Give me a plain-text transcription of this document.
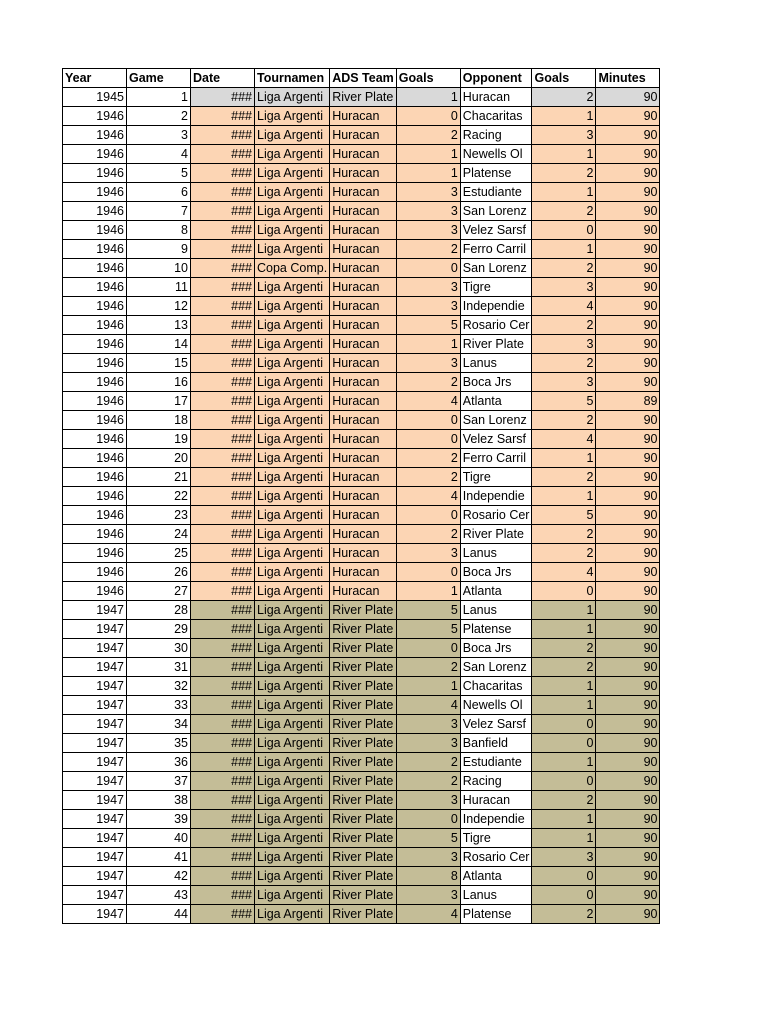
Year	Game	Date	Tournamen	ADS Team	Goals	Opponent	Goals	Minutes
1945	1	###	Liga Argenti	River Plate	1	Huracan	2	90
1946	2	###	Liga Argenti	Huracan	0	Chacaritas	1	90
1946	3	###	Liga Argenti	Huracan	2	Racing	3	90
1946	4	###	Liga Argenti	Huracan	1	Newells Ol	1	90
1946	5	###	Liga Argenti	Huracan	1	Platense	2	90
1946	6	###	Liga Argenti	Huracan	3	Estudiante	1	90
1946	7	###	Liga Argenti	Huracan	3	San Lorenz	2	90
1946	8	###	Liga Argenti	Huracan	3	Velez Sarsf	0	90
1946	9	###	Liga Argenti	Huracan	2	Ferro Carril	1	90
1946	10	###	Copa Comp.	Huracan	0	San Lorenz	2	90
1946	11	###	Liga Argenti	Huracan	3	Tigre	3	90
1946	12	###	Liga Argenti	Huracan	3	Independie	4	90
1946	13	###	Liga Argenti	Huracan	5	Rosario Cer	2	90
1946	14	###	Liga Argenti	Huracan	1	River Plate	3	90
1946	15	###	Liga Argenti	Huracan	3	Lanus	2	90
1946	16	###	Liga Argenti	Huracan	2	Boca Jrs	3	90
1946	17	###	Liga Argenti	Huracan	4	Atlanta	5	89
1946	18	###	Liga Argenti	Huracan	0	San Lorenz	2	90
1946	19	###	Liga Argenti	Huracan	0	Velez Sarsf	4	90
1946	20	###	Liga Argenti	Huracan	2	Ferro Carril	1	90
1946	21	###	Liga Argenti	Huracan	2	Tigre	2	90
1946	22	###	Liga Argenti	Huracan	4	Independie	1	90
1946	23	###	Liga Argenti	Huracan	0	Rosario Cer	5	90
1946	24	###	Liga Argenti	Huracan	2	River Plate	2	90
1946	25	###	Liga Argenti	Huracan	3	Lanus	2	90
1946	26	###	Liga Argenti	Huracan	0	Boca Jrs	4	90
1946	27	###	Liga Argenti	Huracan	1	Atlanta	0	90
1947	28	###	Liga Argenti	River Plate	5	Lanus	1	90
1947	29	###	Liga Argenti	River Plate	5	Platense	1	90
1947	30	###	Liga Argenti	River Plate	0	Boca Jrs	2	90
1947	31	###	Liga Argenti	River Plate	2	San Lorenz	2	90
1947	32	###	Liga Argenti	River Plate	1	Chacaritas	1	90
1947	33	###	Liga Argenti	River Plate	4	Newells Ol	1	90
1947	34	###	Liga Argenti	River Plate	3	Velez Sarsf	0	90
1947	35	###	Liga Argenti	River Plate	3	Banfield	0	90
1947	36	###	Liga Argenti	River Plate	2	Estudiante	1	90
1947	37	###	Liga Argenti	River Plate	2	Racing	0	90
1947	38	###	Liga Argenti	River Plate	3	Huracan	2	90
1947	39	###	Liga Argenti	River Plate	0	Independie	1	90
1947	40	###	Liga Argenti	River Plate	5	Tigre	1	90
1947	41	###	Liga Argenti	River Plate	3	Rosario Cer	3	90
1947	42	###	Liga Argenti	River Plate	8	Atlanta	0	90
1947	43	###	Liga Argenti	River Plate	3	Lanus	0	90
1947	44	###	Liga Argenti	River Plate	4	Platense	2	90
